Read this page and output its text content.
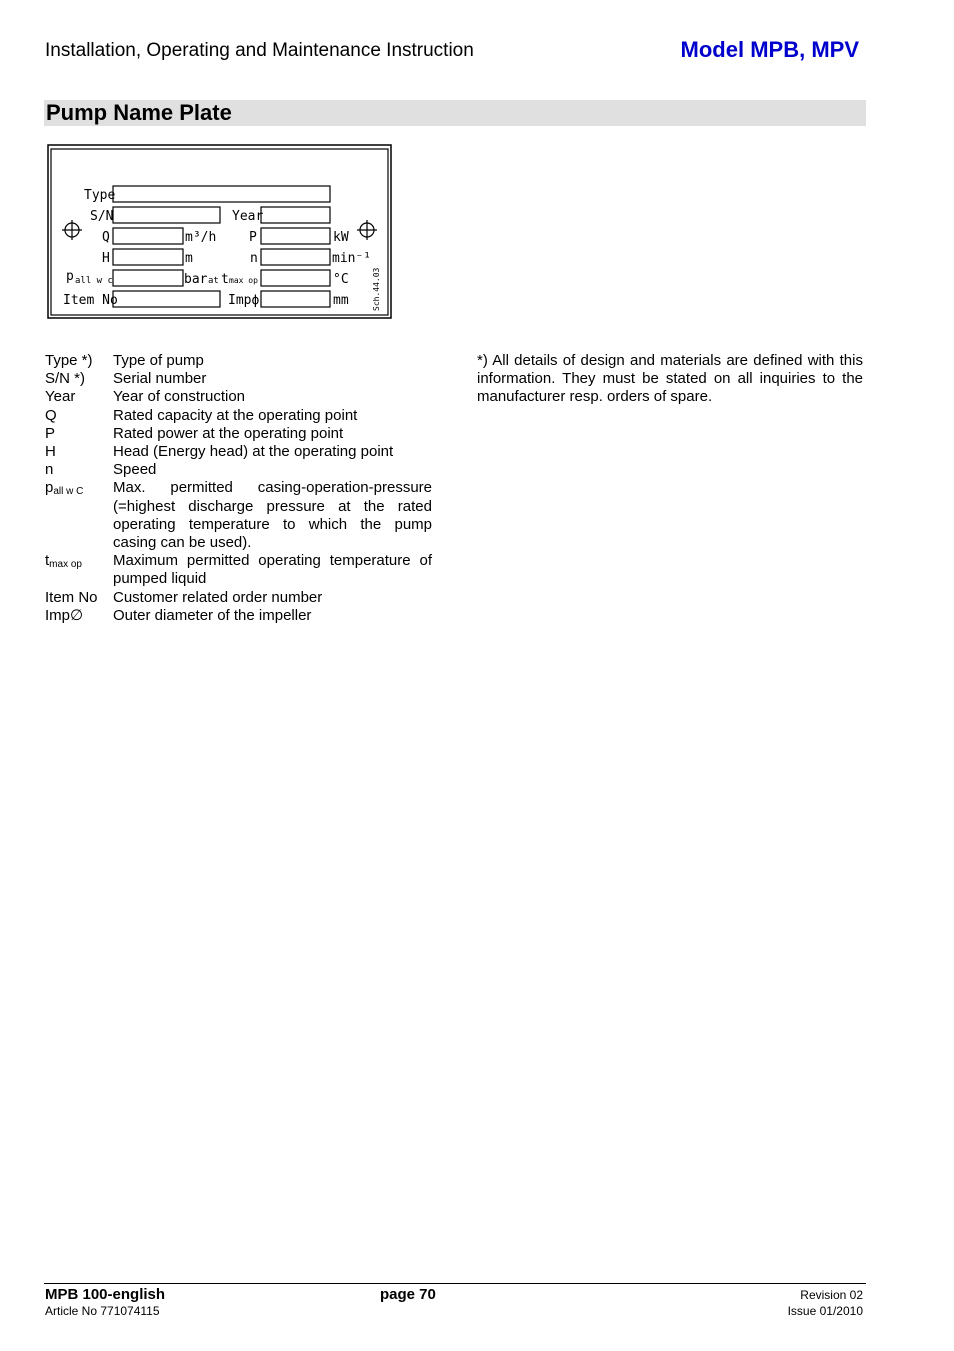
Installation, Operating and Maintenance Instruction	Model MPB, MPV
Pump Name Plate
Type
S/N	Year
Q	m³/h	P	kW
H	m	n	min⁻¹
p all w c	bar at t max op	°C
Item No	Impϕ	mm	Sch.44.03
Type *)	Type of pump
S/N *)	Serial number
Year	Year of construction
Q	Rated capacity at the operating point
P	Rated power at the operating point
H	Head (Energy head) at the operating point
n	Speed
$p_{all w C}$	Max. permitted casing-operation-pressure (=highest discharge pressure at the rated operating temperature to which the pump casing can be used).
$t_{max op}$	Maximum permitted operating temperature of pumped liquid
Item No	Customer related order number
Imp∅	Outer diameter of the impeller
*) All details of design and materials are defined with this information. They must be stated on all inquiries to the manufacturer resp. orders of spare.
MPB 100-english
Article No 771074115
page 70	Revision 02
Issue 01/2010
